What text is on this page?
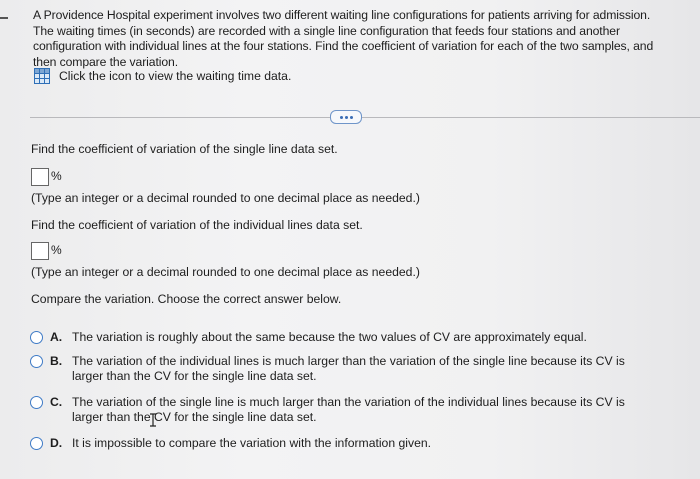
A Providence Hospital experiment involves two different waiting line configurations for patients arriving for admission. The waiting times (in seconds) are recorded with a single line configuration that feeds four stations and another configuration with individual lines at the four stations. Find the coefficient of variation for each of the two samples, and then compare the variation.
Click the icon to view the waiting time data.
Find the coefficient of variation of the single line data set.
%
(Type an integer or a decimal rounded to one decimal place as needed.)
Find the coefficient of variation of the individual lines data set.
%
(Type an integer or a decimal rounded to one decimal place as needed.)
Compare the variation. Choose the correct answer below.
A. The variation is roughly about the same because the two values of CV are approximately equal.
B. The variation of the individual lines is much larger than the variation of the single line because its CV is larger than the CV for the single line data set.
C. The variation of the single line is much larger than the variation of the individual lines because its CV is larger than the CV for the single line data set.
D. It is impossible to compare the variation with the information given.
